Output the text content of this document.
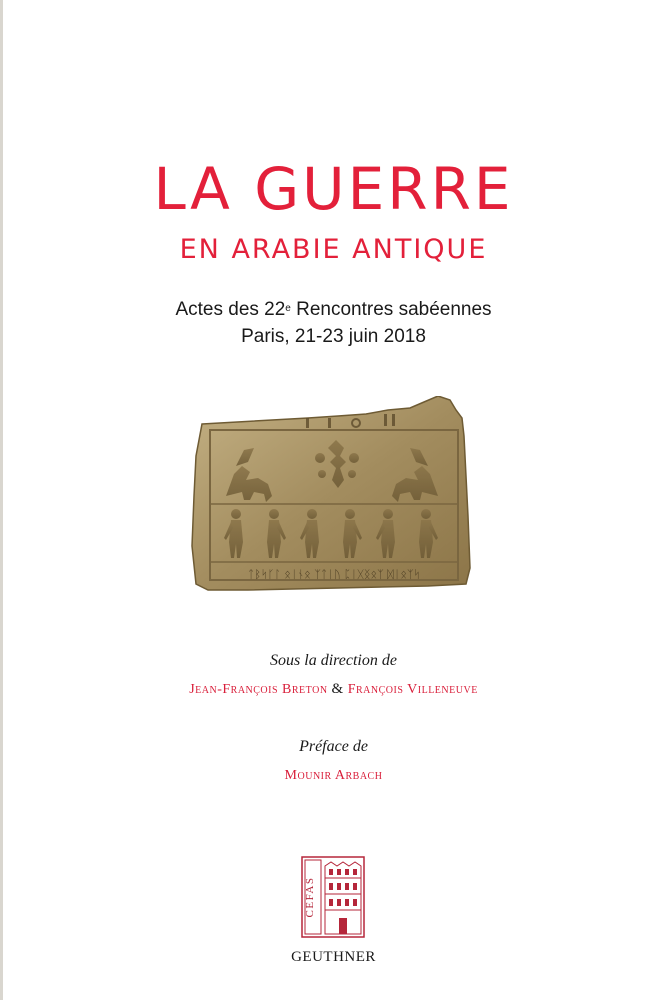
LA GUERRE
EN ARABIE ANTIQUE
Actes des 22e Rencontres sabéennes
Paris, 21-23 juin 2018
ᛏᛒᛋᚴᛚ ᛟᛁᚾᛟ ᛉᛏᛁᚢ ᛈᛁᚷᛝᛟᛉ ᛞᛁᛟᛉᛋ
Sous la direction de
Jean-François Breton & François Villeneuve
Préface de
Mounir Arbach
CEFAS
GEUTHNER
